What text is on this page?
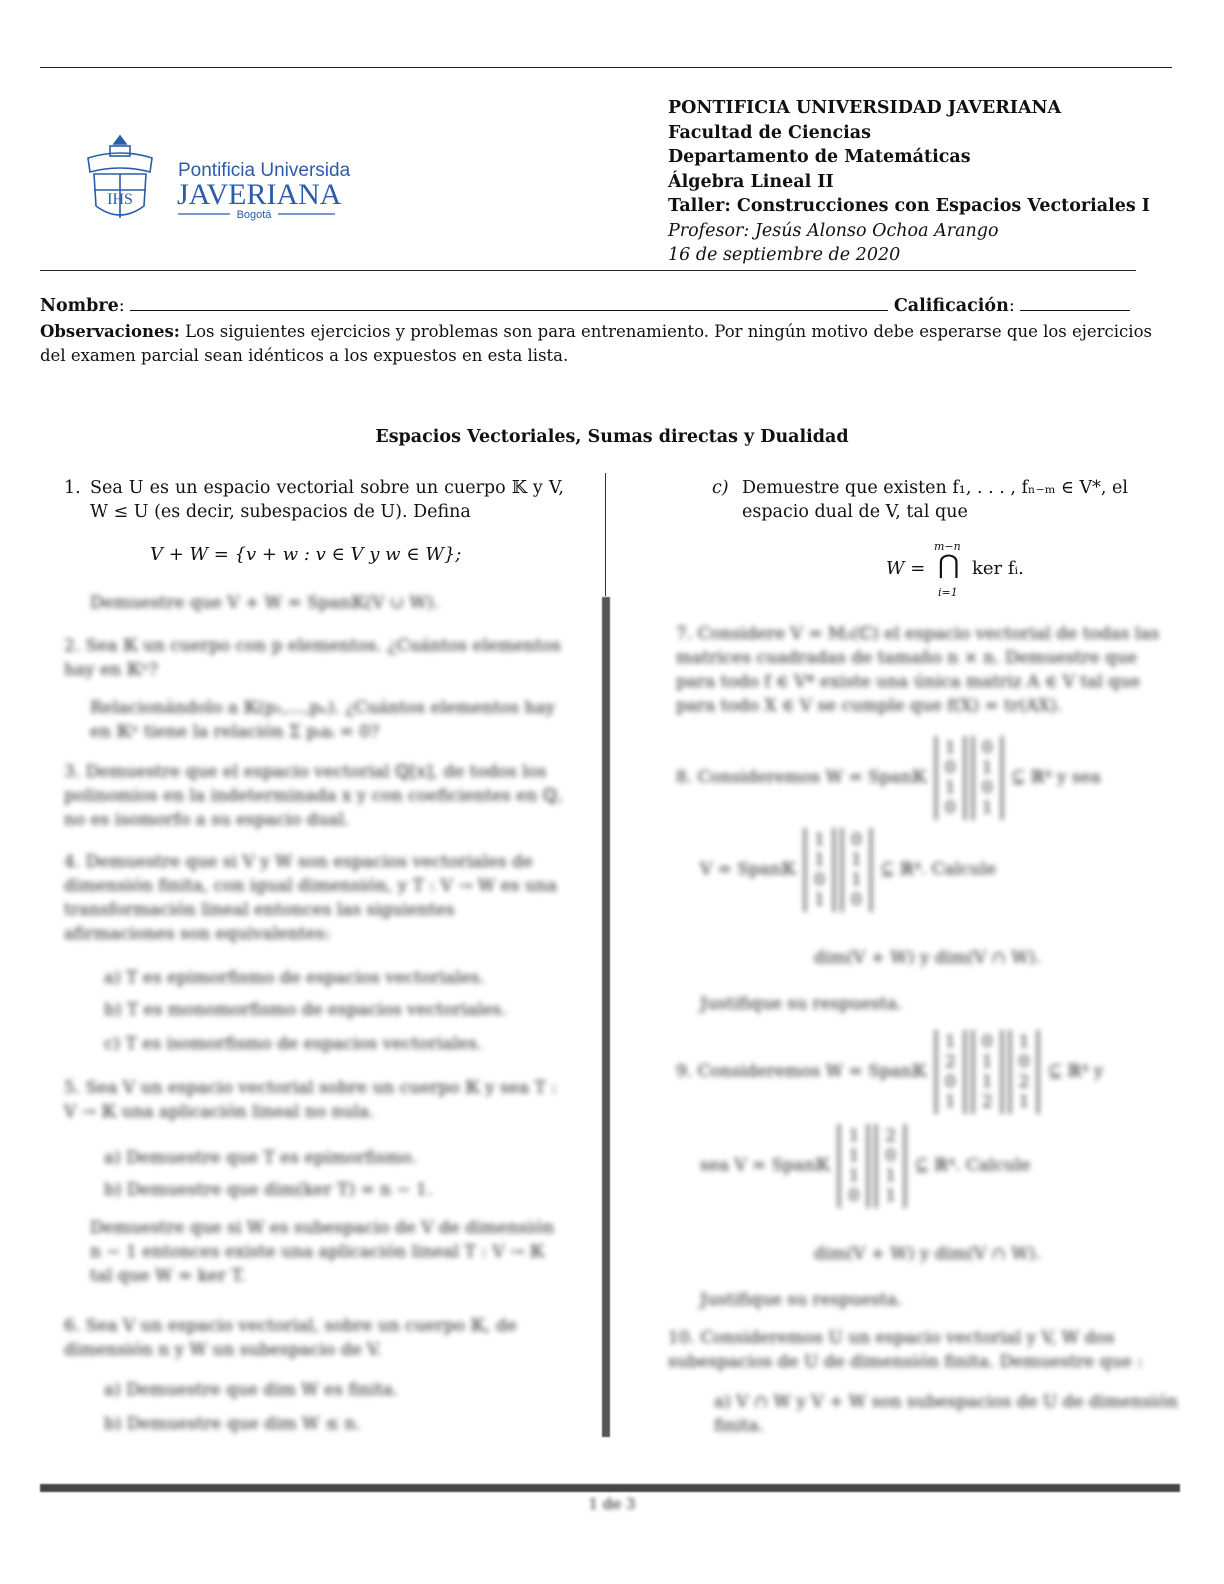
IHS
Pontificia Universidad
JAVERIANA
Bogotá
PONTIFICIA UNIVERSIDAD JAVERIANA
Facultad de Ciencias
Departamento de Matemáticas
Álgebra Lineal II
Taller: Construcciones con Espacios Vectoriales I
Profesor: Jesús Alonso Ochoa Arango
16 de septiembre de 2020
Nombre:	Calificación:
Observaciones: Los siguientes ejercicios y problemas son para entrenamiento. Por ningún motivo debe esperarse que los ejercicios del examen parcial sean idénticos a los expuestos en esta lista.
Espacios Vectoriales, Sumas directas y Dualidad
1. Sea U es un espacio vectorial sobre un cuerpo 𝕂 y V, W ≤ U (es decir, subespacios de U). Defina
V + W = {v + w : v ∈ V y w ∈ W};
c) Demuestre que existen f₁, . . . , fₙ₋ₘ ∈ V*, el espacio dual de V, tal que
W =
m−n
⋂
i=1
ker fᵢ.
Demuestre que V + W = Span𝕂(V ∪ W).
2. Sea 𝕂 un cuerpo con p elementos. ¿Cuántos elementos hay en 𝕂ⁿ?
Relacionándolo a 𝕂(p₁,...,pₙ). ¿Cuántos elementos hay en 𝕂ⁿ tiene la relación Σ pᵢaᵢ = 0?
3. Demuestre que el espacio vectorial ℚ[x], de todos los polinomios en la indeterminada x y con coeficientes en ℚ, no es isomorfo a su espacio dual.
4. Demuestre que si V y W son espacios vectoriales de dimensión finita, con igual dimensión, y T : V → W es una transformación lineal entonces las siguientes afirmaciones son equivalentes:
a) T es epimorfismo de espacios vectoriales.
b) T es monomorfismo de espacios vectoriales.
c) T es isomorfismo de espacios vectoriales.
5. Sea V un espacio vectorial sobre un cuerpo 𝕂 y sea T : V → 𝕂 una aplicación lineal no nula.
a) Demuestre que T es epimorfismo.
b) Demuestre que dim(ker T) = n − 1.
Demuestre que si W es subespacio de V de dimensión n − 1 entonces existe una aplicación lineal T : V → 𝕂 tal que W = ker T.
6. Sea V un espacio vectorial, sobre un cuerpo 𝕂, de dimensión n y W un subespacio de V.
a) Demuestre que dim W es finita.
b) Demuestre que dim W ≤ n.
7. Considere V = M₂(ℂ) el espacio vectorial de todas las matrices cuadradas de tamaño n × n. Demuestre que para todo f ∈ V* existe una única matriz A ∈ V tal que para todo X ∈ V se cumple que f(X) = tr(AX).
8. Consideremos W = Span𝕂 1
0
1
00
1
0
1 ⊆ ℝ⁴ y sea
V = Span𝕂 1
1
0
10
1
1
0 ⊆ ℝ⁴. Calcule
dim(V + W) y dim(V ∩ W).
Justifique su respuesta.
9. Consideremos W = Span𝕂 1
2
0
10
1
1
21
0
2
1 ⊆ ℝ⁴ y
sea V = Span𝕂 1
1
1
02
0
1
1 ⊆ ℝ⁴. Calcule
dim(V + W) y dim(V ∩ W).
Justifique su respuesta.
10. Consideremos U un espacio vectorial y V, W dos subespacios de U de dimensión finita. Demuestre que :
a) V ∩ W y V + W son subespacios de U de dimensión finita.
1 de 3
